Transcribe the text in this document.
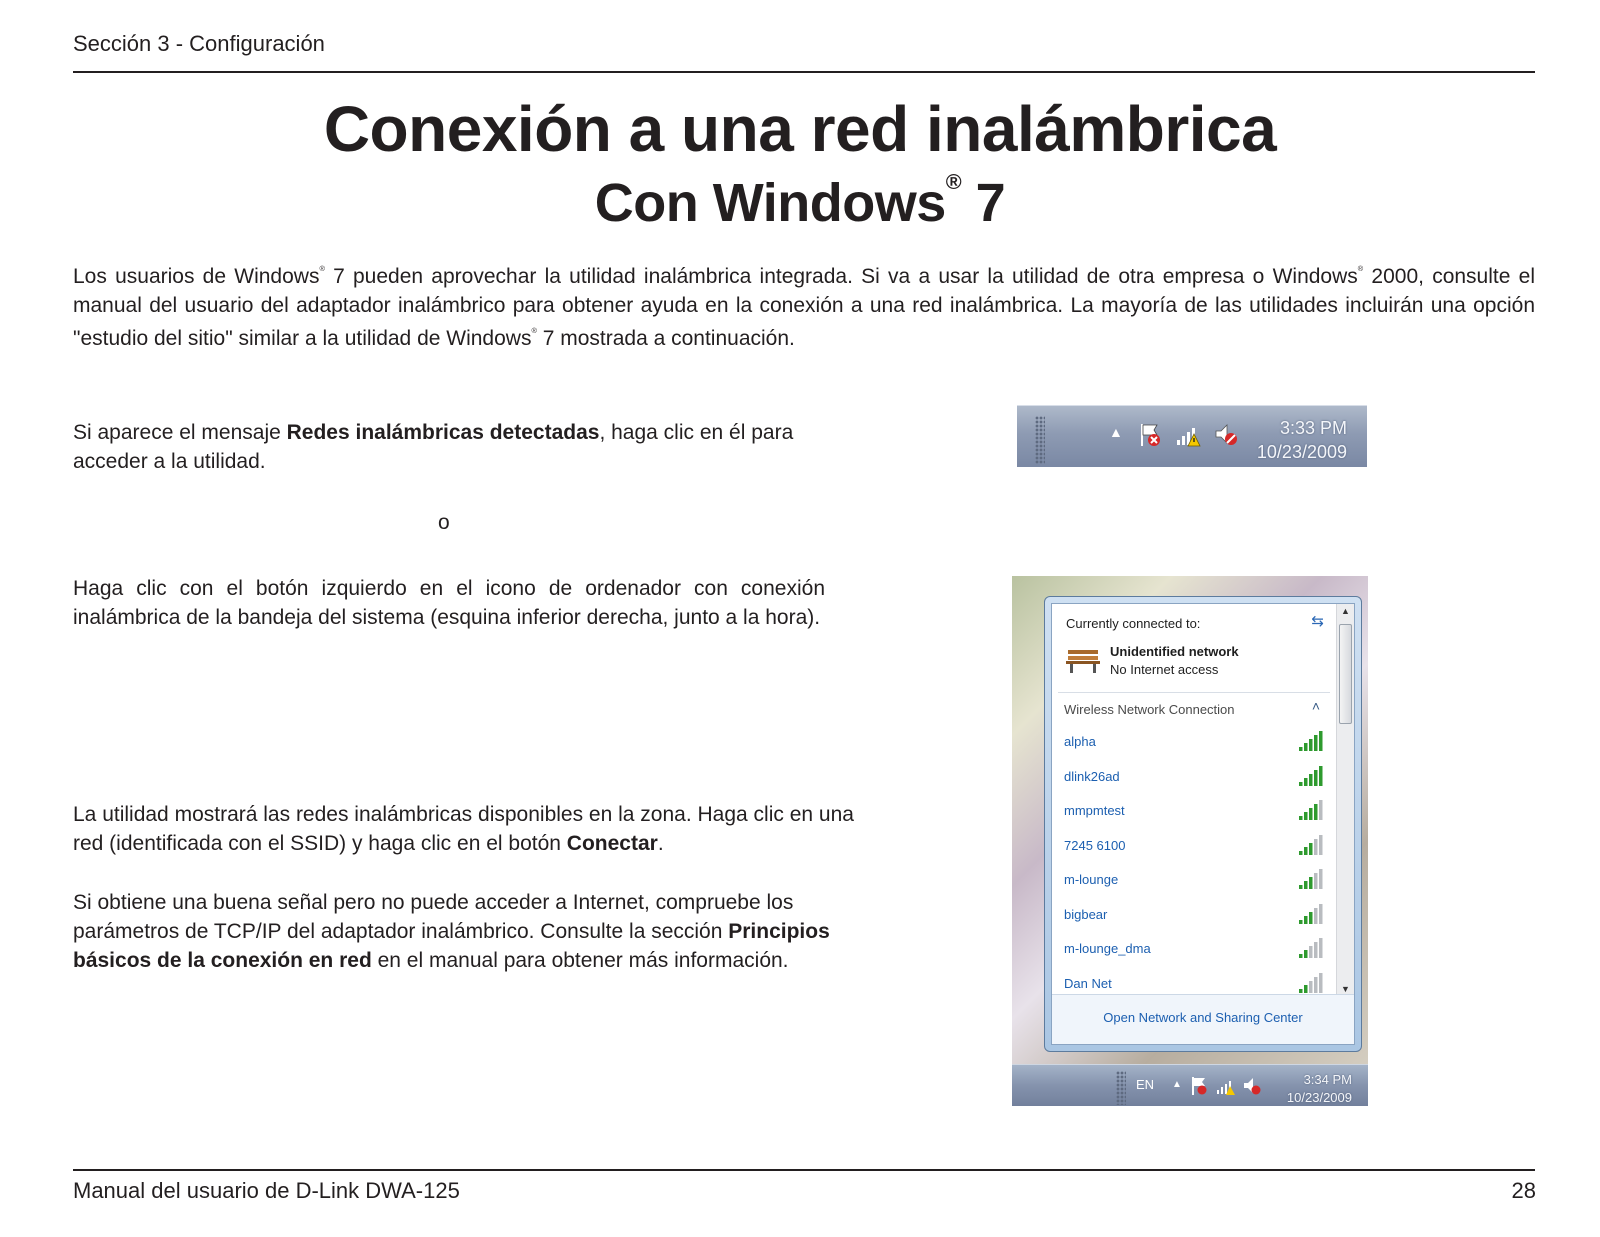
Sección 3 - Configuración
Conexión a una red inalámbrica
Con Windows® 7
Los usuarios de Windows® 7 pueden aprovechar la utilidad inalámbrica integrada. Si va a usar la utilidad de otra empresa o Windows® 2000, consulte el manual del usuario del adaptador inalámbrico para obtener ayuda en la conexión a una red inalámbrica. La mayoría de las utilidades incluirán una opción "estudio del sitio" similar a la utilidad de Windows® 7 mostrada a continuación.
Si aparece el mensaje Redes inalámbricas detectadas, haga clic en él para acceder a la utilidad.
o
Haga clic con el botón izquierdo en el icono de ordenador con conexión inalámbrica de la bandeja del sistema (esquina inferior derecha, junto a la hora).
La utilidad mostrará las redes inalámbricas disponibles en la zona. Haga clic en una red (identificada con el SSID) y haga clic en el botón Conectar.
Si obtiene una buena señal pero no puede acceder a Internet, compruebe los parámetros de TCP/IP del adaptador inalámbrico. Consulte la sección Principios básicos de la conexión en red en el manual para obtener más información.
▲	3:33 PM
10/23/2009
Currently connected to:	⇆
Unidentified network
No Internet access
Wireless Network Connection	˄
alpha
dlink26ad
mmpmtest
7245 6100
m-lounge
bigbear
m-lounge_dma
Dan Net
▲
▼
Open Network and Sharing Center
EN ▲	3:34 PM
10/23/2009
Manual del usuario de D-Link DWA-125	28
